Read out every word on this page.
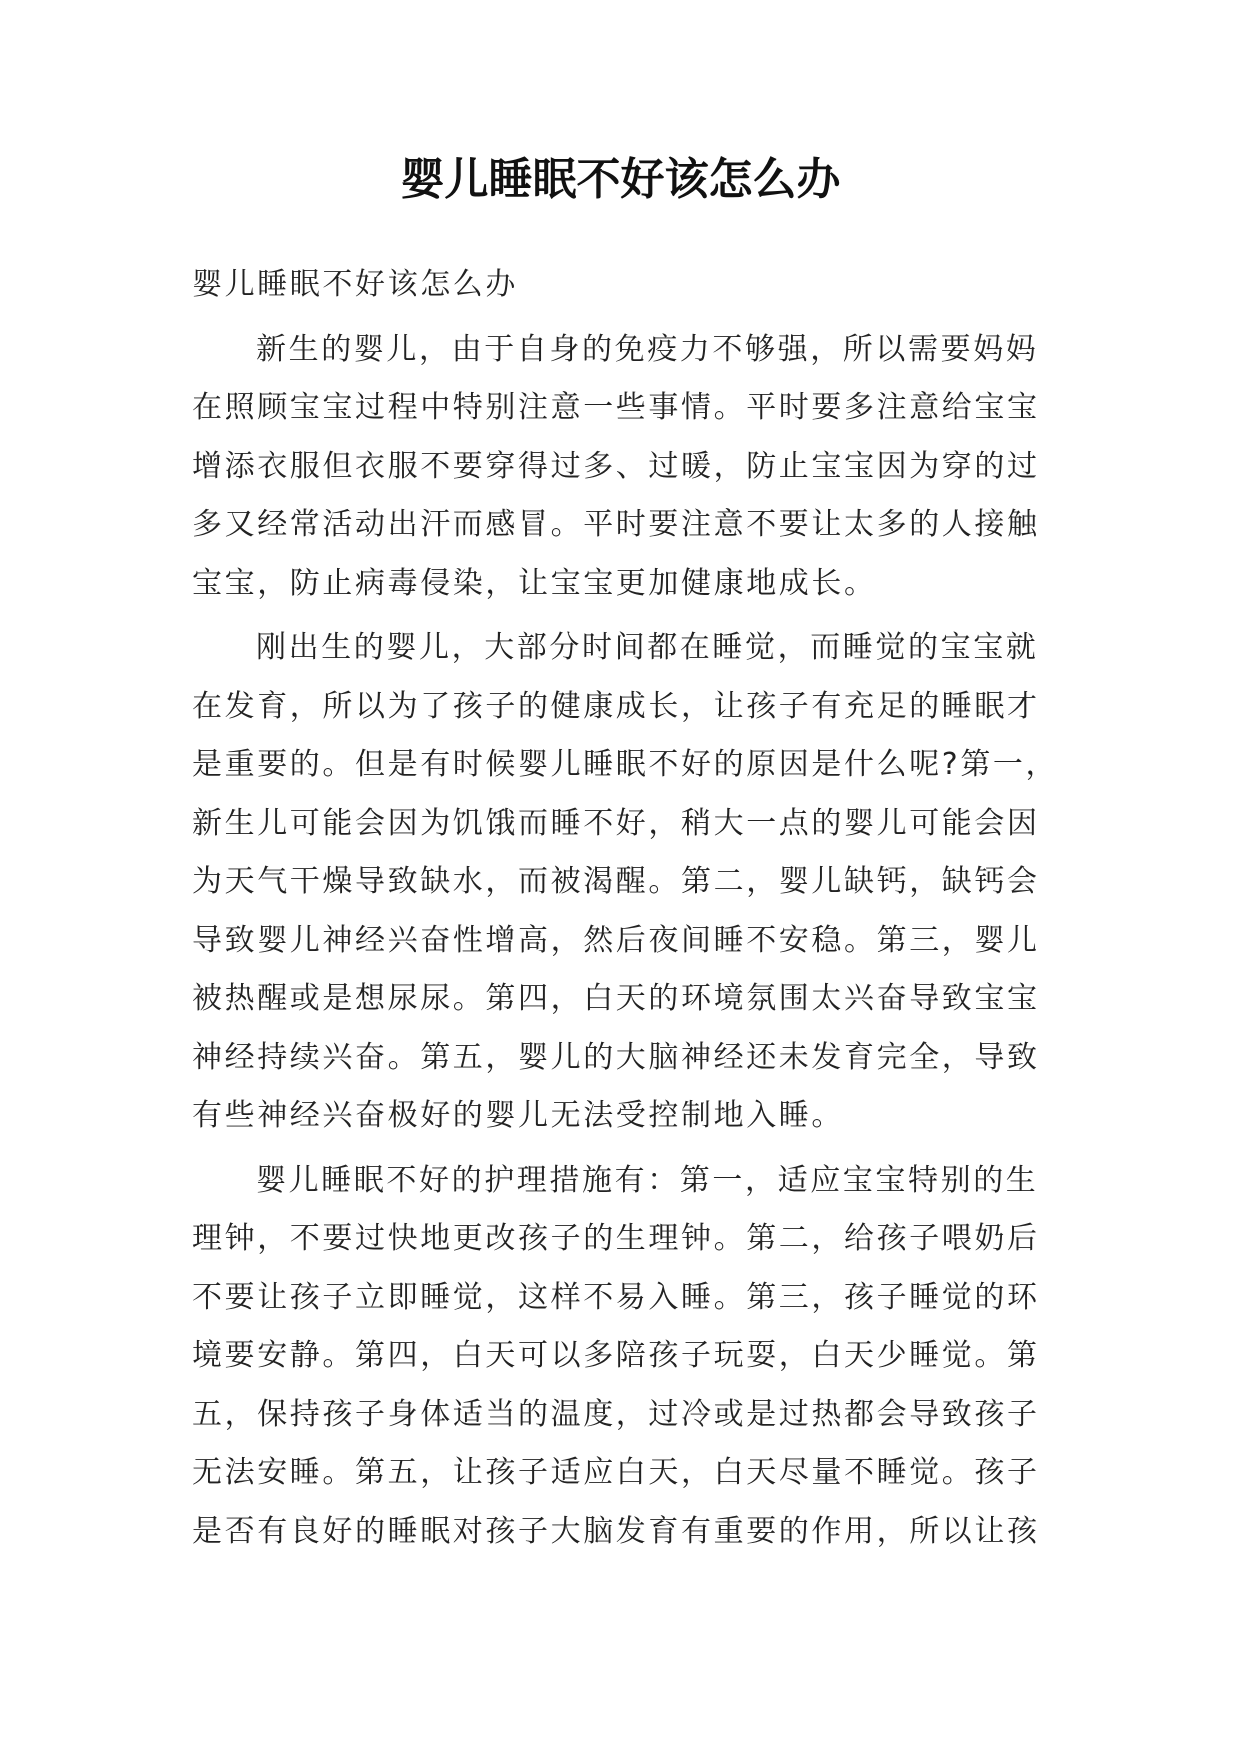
婴儿睡眠不好该怎么办

婴儿睡眠不好该怎么办

新生的婴儿，由于自身的免疫力不够强，所以需要妈妈在照顾宝宝过程中特别注意一些事情。平时要多注意给宝宝增添衣服但衣服不要穿得过多、过暖，防止宝宝因为穿的过多又经常活动出汗而感冒。平时要注意不要让太多的人接触宝宝，防止病毒侵染，让宝宝更加健康地成长。

刚出生的婴儿，大部分时间都在睡觉，而睡觉的宝宝就在发育，所以为了孩子的健康成长，让孩子有充足的睡眠才是重要的。但是有时候婴儿睡眠不好的原因是什么呢?第一，新生儿可能会因为饥饿而睡不好，稍大一点的婴儿可能会因为天气干燥导致缺水，而被渴醒。第二，婴儿缺钙，缺钙会导致婴儿神经兴奋性增高，然后夜间睡不安稳。第三，婴儿被热醒或是想尿尿。第四，白天的环境氛围太兴奋导致宝宝神经持续兴奋。第五，婴儿的大脑神经还未发育完全，导致有些神经兴奋极好的婴儿无法受控制地入睡。

婴儿睡眠不好的护理措施有：第一，适应宝宝特别的生理钟，不要过快地更改孩子的生理钟。第二，给孩子喂奶后不要让孩子立即睡觉，这样不易入睡。第三，孩子睡觉的环境要安静。第四，白天可以多陪孩子玩耍，白天少睡觉。第五，保持孩子身体适当的温度，过冷或是过热都会导致孩子无法安睡。第五，让孩子适应白天，白天尽量不睡觉。孩子是否有良好的睡眠对孩子大脑发育有重要的作用，所以让孩
